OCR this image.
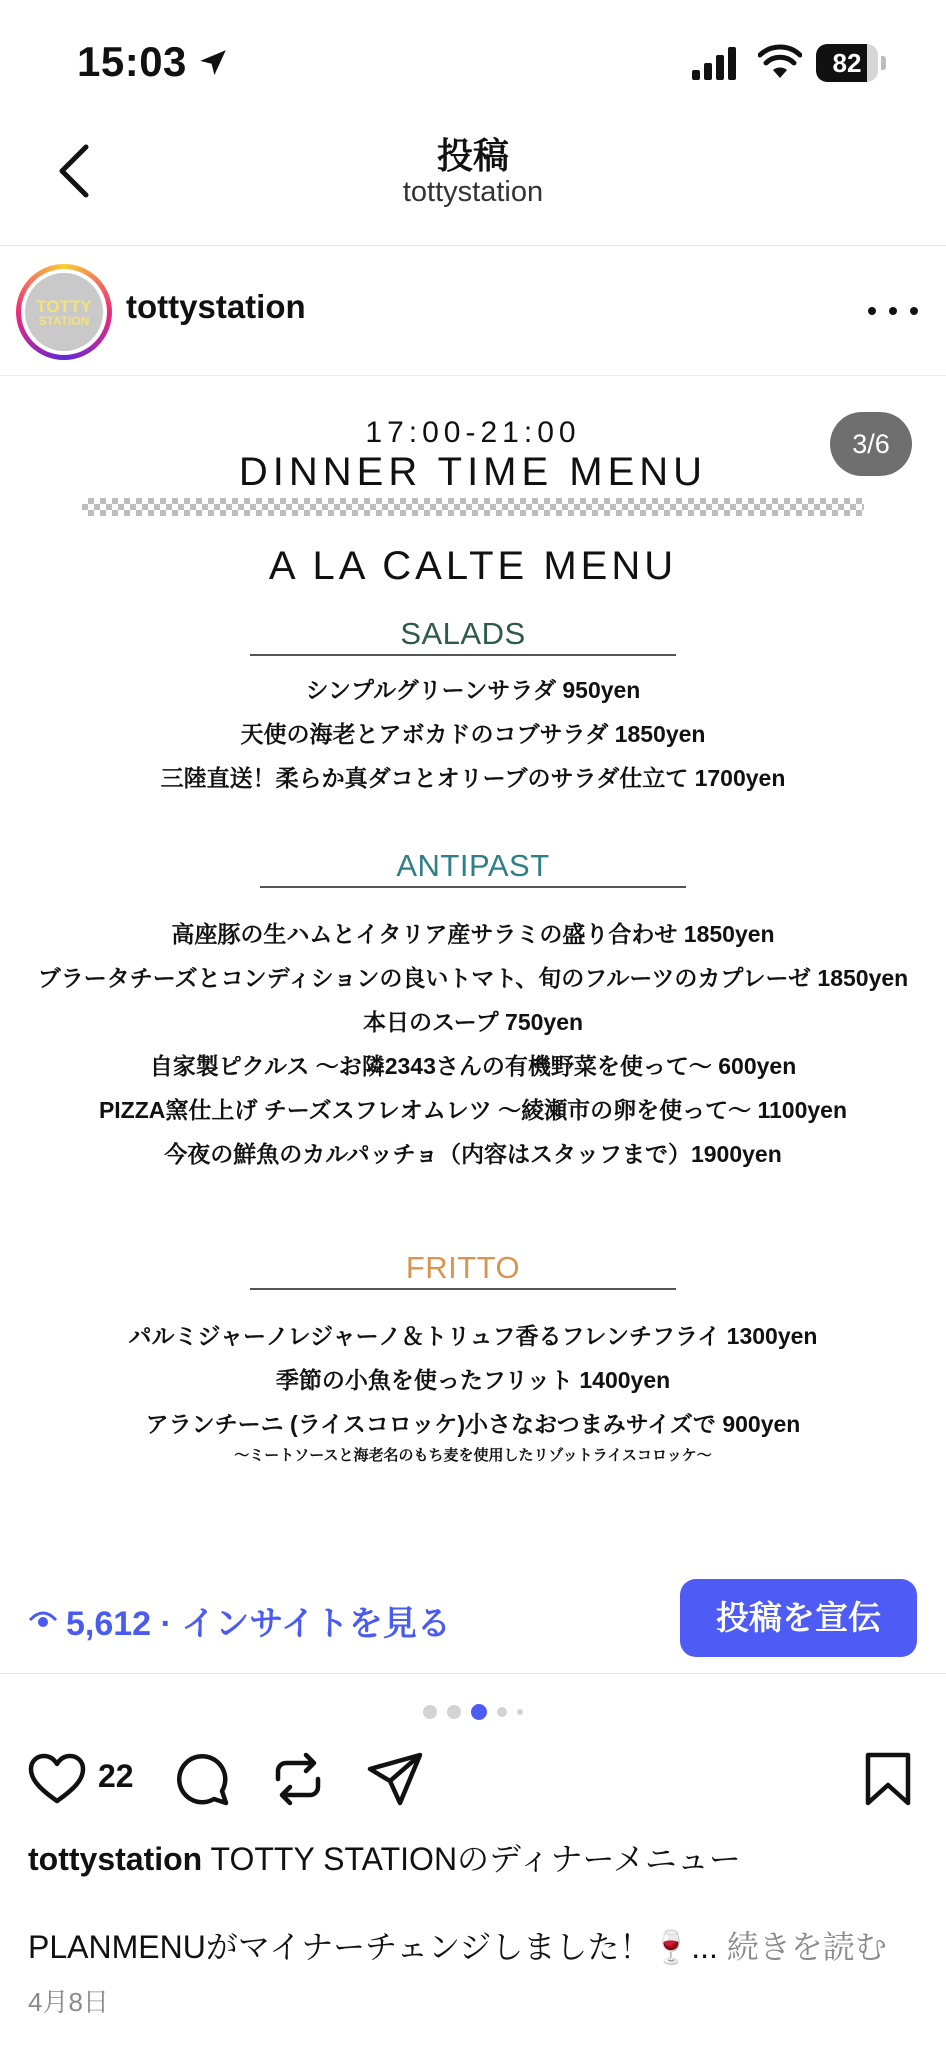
15:03	82
投稿
tottystation
TOTTY
STATION tottystation
3/6
17:00-21:00
DINNER TIME MENU
A LA CALTE MENU
SALADS
シンプルグリーンサラダ 950yen
天使の海老とアボカドのコブサラダ 1850yen
三陸直送！柔らか真ダコとオリーブのサラダ仕立て 1700yen
ANTIPAST
高座豚の生ハムとイタリア産サラミの盛り合わせ 1850yen
ブラータチーズとコンディションの良いトマト、旬のフルーツのカプレーゼ 1850yen
本日のスープ 750yen
自家製ピクルス 〜お隣2343さんの有機野菜を使って〜 600yen
PIZZA窯仕上げ チーズスフレオムレツ 〜綾瀬市の卵を使って〜 1100yen
今夜の鮮魚のカルパッチョ（内容はスタッフまで）1900yen
FRITTO
パルミジャーノレジャーノ＆トリュフ香るフレンチフライ 1300yen
季節の小魚を使ったフリット 1400yen
アランチーニ (ライスコロッケ)小さなおつまみサイズで 900yen
〜ミートソースと海老名のもち麦を使用したリゾットライスコロッケ〜
5,612 · インサイトを見る	投稿を宣伝
22
tottystation TOTTY STATIONのディナーメニュー
PLANMENUがマイナーチェンジしました！🍷... 続きを読む
4月8日
